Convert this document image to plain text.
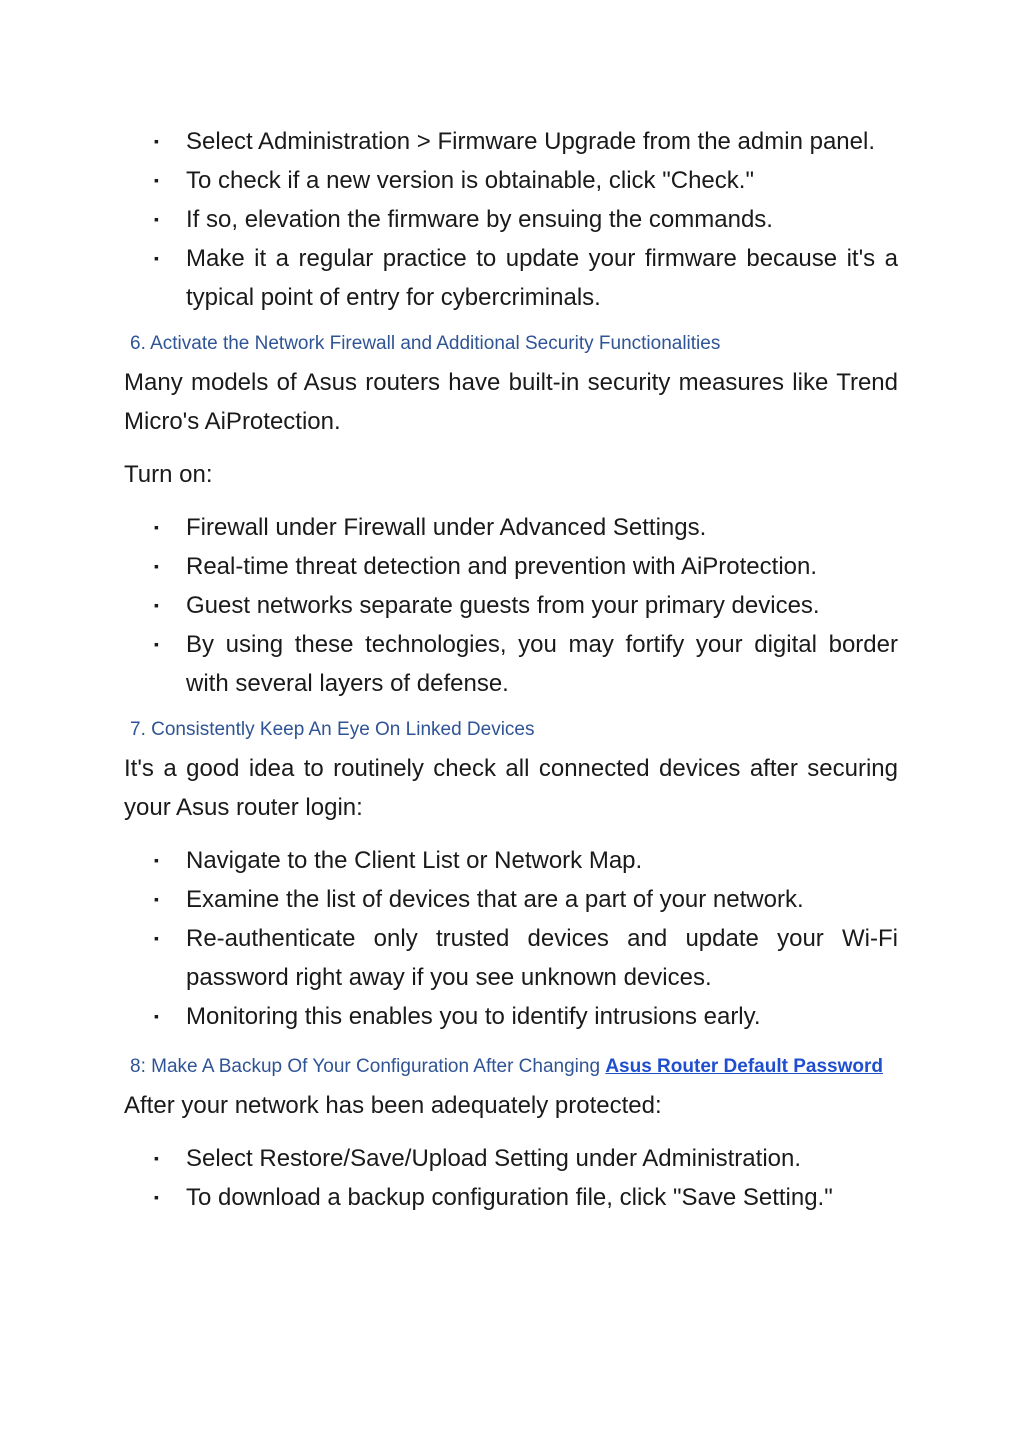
▪ Select Administration > Firmware Upgrade from the admin panel.
▪ To check if a new version is obtainable, click "Check."
▪ If so, elevation the firmware by ensuing the commands.
▪ Make it a regular practice to update your firmware because it's a typical point of entry for cybercriminals.
6. Activate the Network Firewall and Additional Security Functionalities

Many models of Asus routers have built-in security measures like Trend Micro's AiProtection.

Turn on:

▪ Firewall under Firewall under Advanced Settings.
▪ Real-time threat detection and prevention with AiProtection.
▪ Guest networks separate guests from your primary devices.
▪ By using these technologies, you may fortify your digital border with several layers of defense.
7. Consistently Keep An Eye On Linked Devices

It's a good idea to routinely check all connected devices after securing your Asus router login:

▪ Navigate to the Client List or Network Map.
▪ Examine the list of devices that are a part of your network.
▪ Re-authenticate only trusted devices and update your Wi-Fi password right away if you see unknown devices.
▪ Monitoring this enables you to identify intrusions early.
8: Make A Backup Of Your Configuration After Changing Asus Router Default Password

After your network has been adequately protected:

▪ Select Restore/Save/Upload Setting under Administration.
▪ To download a backup configuration file, click "Save Setting."
